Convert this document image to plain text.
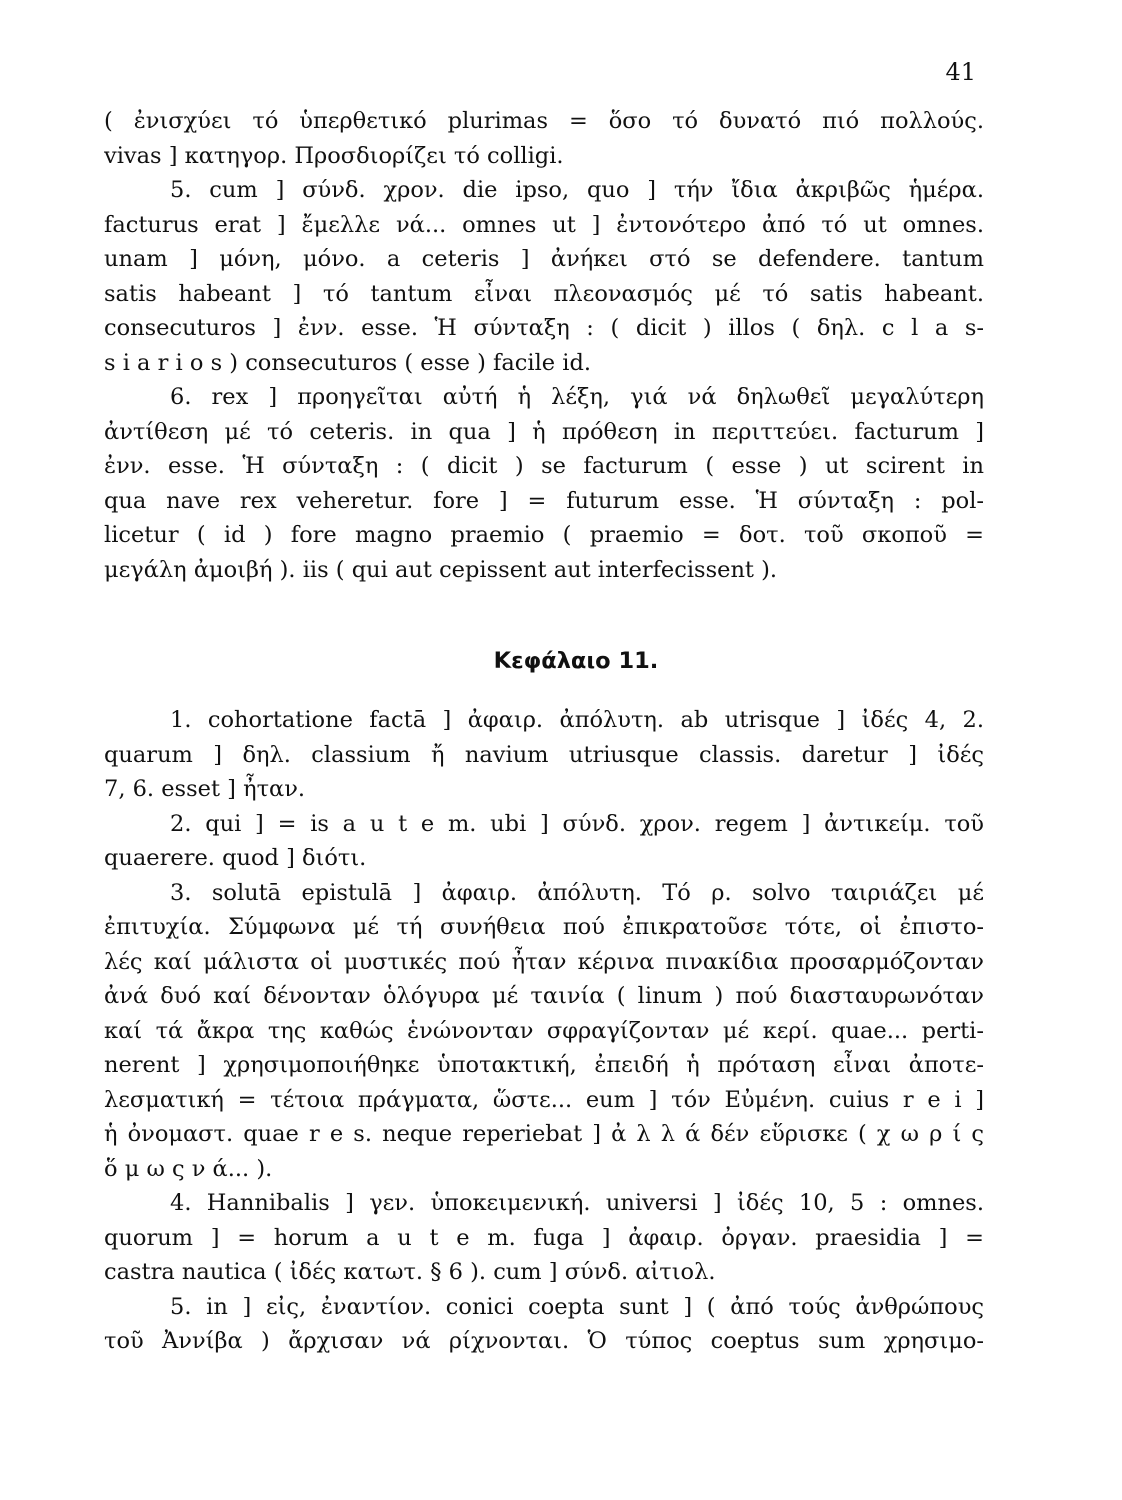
41
( ἐνισχύει τό ὑπερθετικό plurimas = ὅσο τό δυνατό πιό πολλούς.
vivas ] κατηγορ. Προσδιορίζει τό colligi.
5. cum ] σύνδ. χρον. die ipso, quo ] τήν ἴδια ἀκριβῶς ἡμέρα.
facturus erat ] ἔμελλε νά... omnes ut ] ἐντονότερο ἀπό τό ut omnes.
unam ] μόνη, μόνο. a ceteris ] ἀνήκει στό se defendere. tantum
satis habeant ] τό tantum εἶναι πλεονασμός μέ τό satis habeant.
consecuturos ] ἐνν. esse. Ἡ σύνταξη : ( dicit ) illos ( δηλ. c l a s-
s i a r i o s ) consecuturos ( esse ) facile id.
6. rex ] προηγεῖται αὐτή ἡ λέξη, γιά νά δηλωθεῖ μεγαλύτερη
ἀντίθεση μέ τό ceteris. in qua ] ἡ πρόθεση in περιττεύει. facturum ]
ἐνν. esse. Ἡ σύνταξη : ( dicit ) se facturum ( esse ) ut scirent in
qua nave rex veheretur. fore ] = futurum esse. Ἡ σύνταξη : pol-
licetur ( id ) fore magno praemio ( praemio = δοτ. τοῦ σκοποῦ =
μεγάλη ἀμοιβή ). iis ( qui aut cepissent aut interfecissent ).
Κεφάλαιο 11.
1. cohortatione factā ] ἀφαιρ. ἀπόλυτη. ab utrisque ] ἰδές 4, 2.
quarum ] δηλ. classium ἤ navium utriusque classis. daretur ] ἰδές
7, 6. esset ] ἦταν.
2. qui ] = is a u t e m. ubi ] σύνδ. χρον. regem ] ἀντικείμ. τοῦ
quaerere. quod ] διότι.
3. solutā epistulā ] ἀφαιρ. ἀπόλυτη. Τό ρ. solvo ταιριάζει μέ
ἐπιτυχία. Σύμφωνα μέ τή συνήθεια πού ἐπικρατοῦσε τότε, οἱ ἐπιστο-
λές καί μάλιστα οἱ μυστικές πού ἦταν κέρινα πινακίδια προσαρμόζονταν
ἀνά δυό καί δένονταν ὁλόγυρα μέ ταινία ( linum ) πού διασταυρωνόταν
καί τά ἄκρα της καθώς ἑνώνονταν σφραγίζονταν μέ κερί. quae... perti-
nerent ] χρησιμοποιήθηκε ὑποτακτική, ἐπειδή ἡ πρόταση εἶναι ἀποτε-
λεσματική = τέτοια πράγματα, ὥστε... eum ] τόν Εὐμένη. cuius r e i ]
ἡ ὀνομαστ. quae r e s. neque reperiebat ] ἀ λ λ ά δέν εὕρισκε ( χ ω ρ ί ς
ὅ μ ω ς ν ά... ).
4. Hannibalis ] γεν. ὑποκειμενική. universi ] ἰδές 10, 5 : omnes.
quorum ] = horum a u t e m. fuga ] ἀφαιρ. ὀργαν. praesidia ] =
castra nautica ( ἰδές κατωτ. § 6 ). cum ] σύνδ. αἰτιολ.
5. in ] εἰς, ἐναντίον. conici coepta sunt ] ( ἀπό τούς ἀνθρώπους
τοῦ Ἀννίβα ) ἄρχισαν νά ρίχνονται. Ὁ τύπος coeptus sum χρησιμο-
